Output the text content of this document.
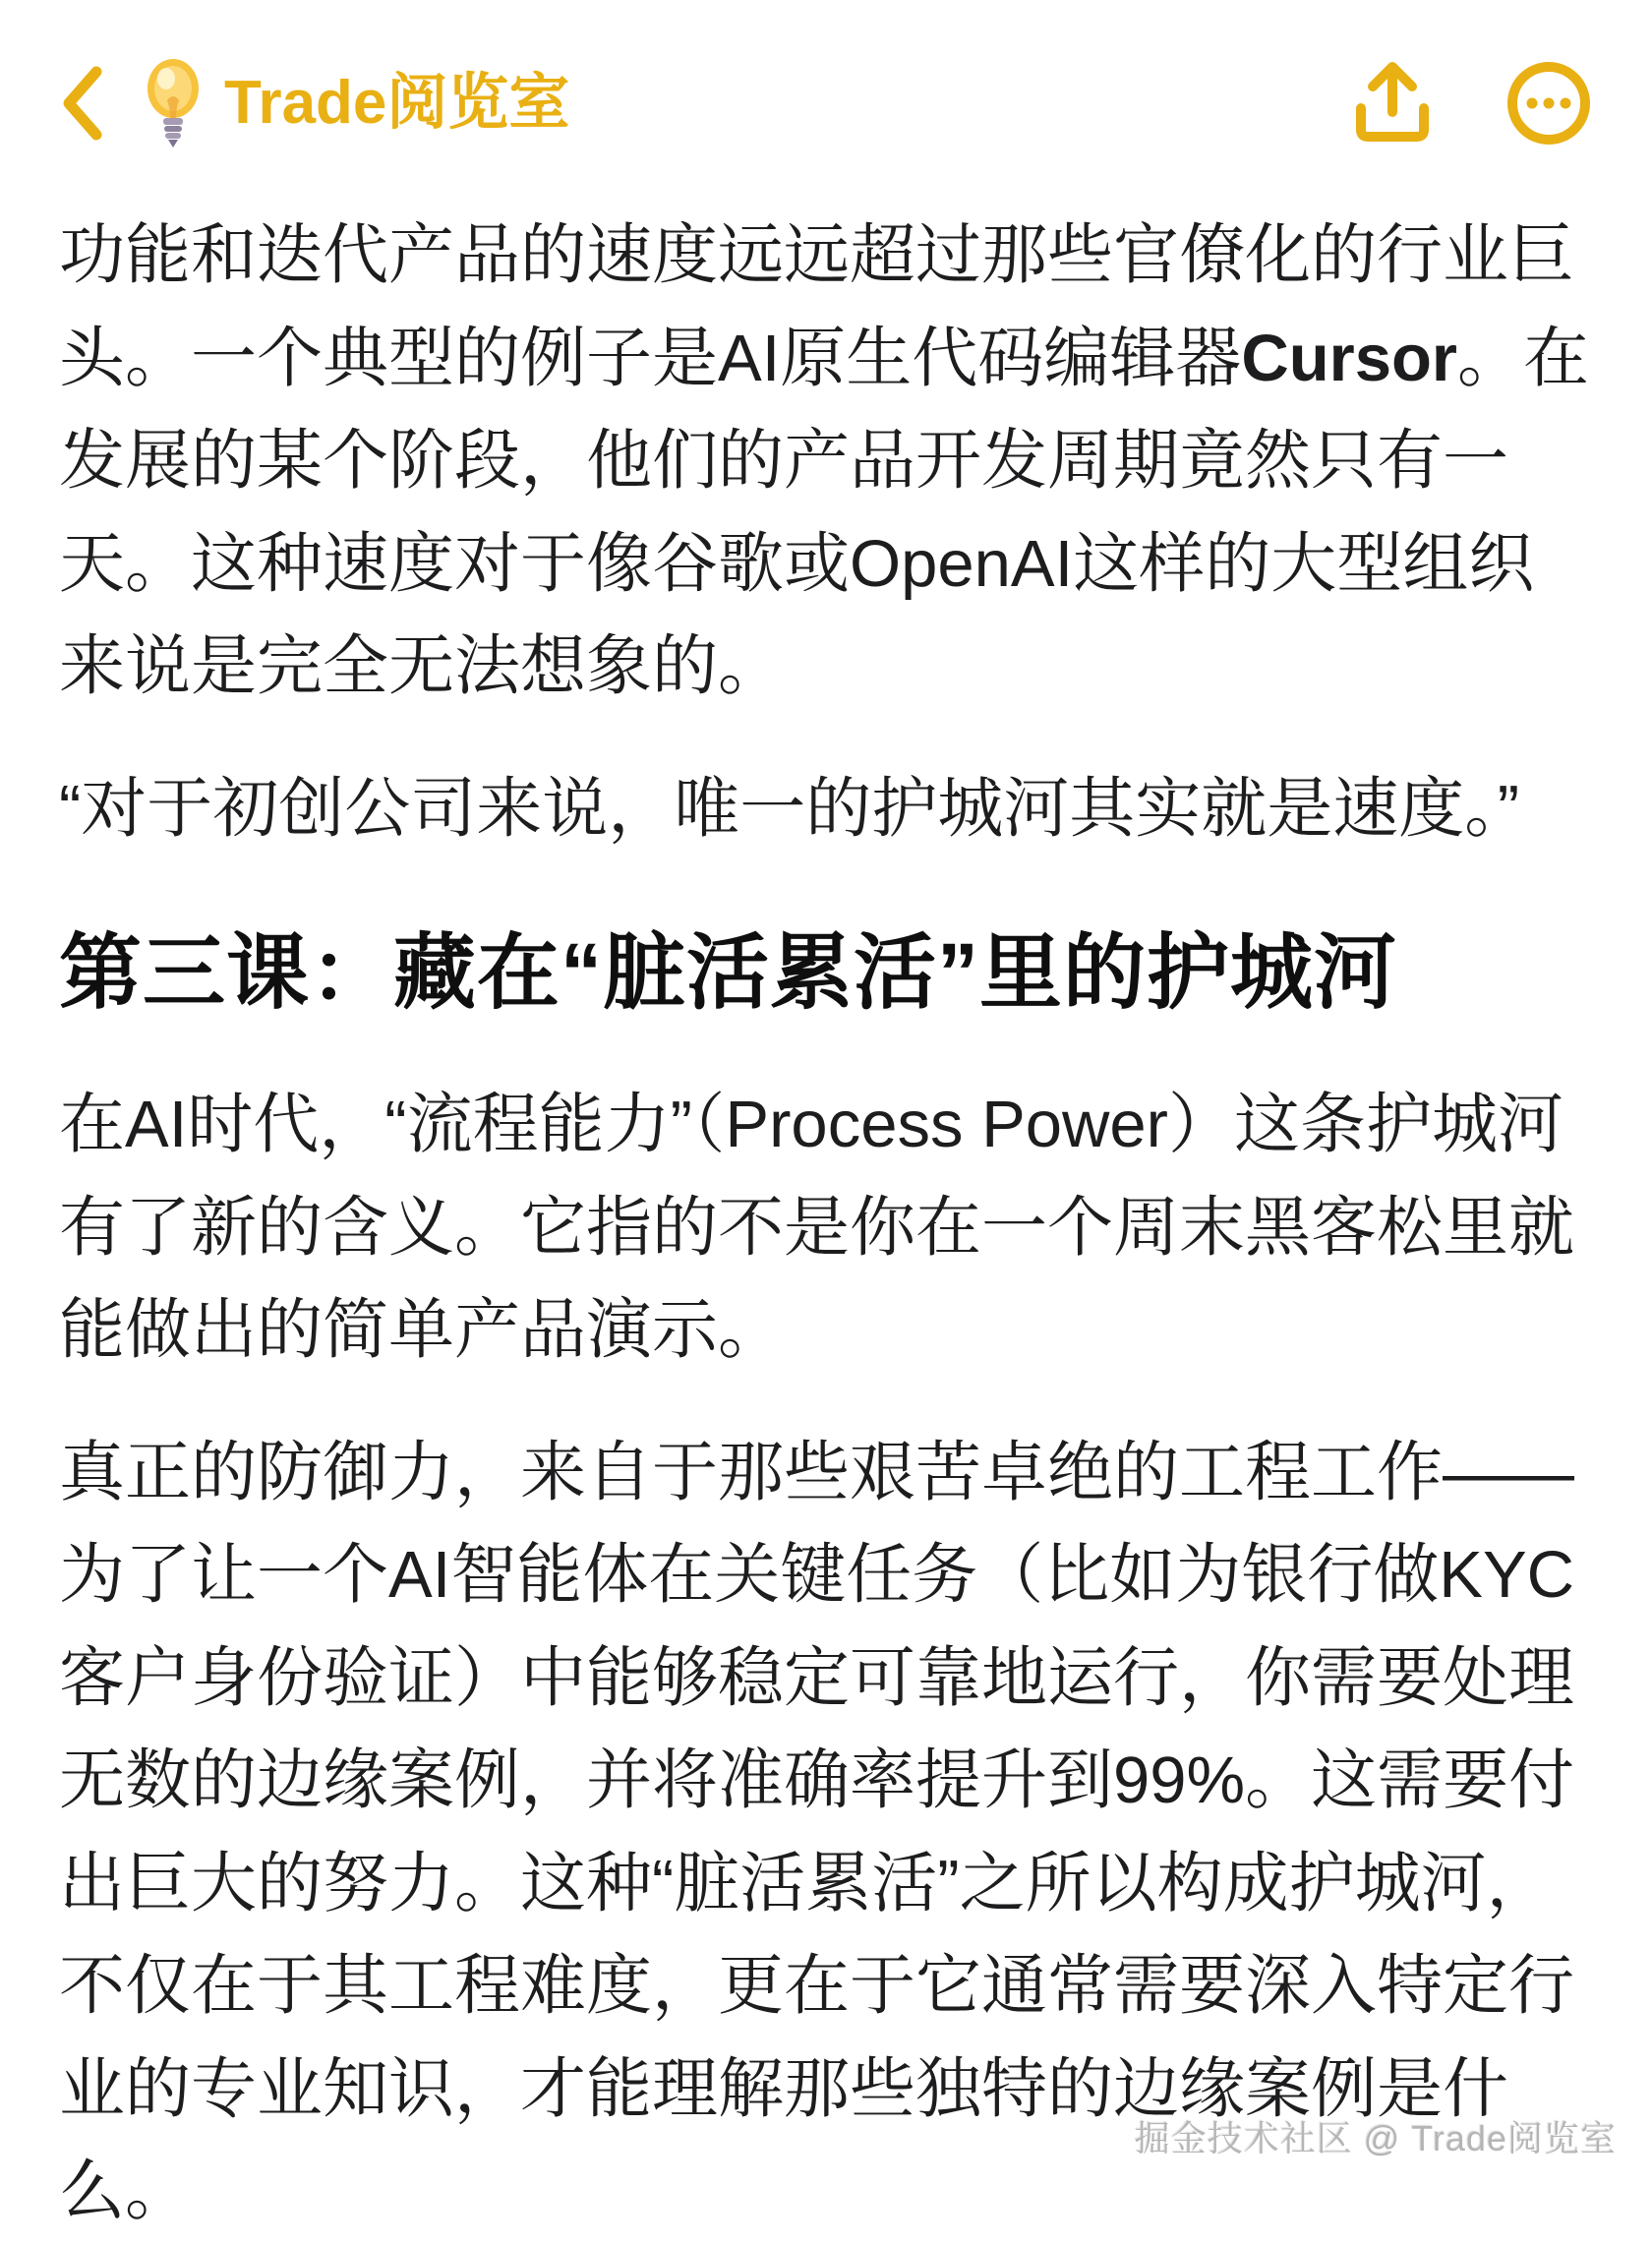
Trade阅览室

功能和迭代产品的速度远远超过那些官僚化的行业巨头。一个典型的例子是AI原生代码编辑器Cursor。在发展的某个阶段，他们的产品开发周期竟然只有一天。这种速度对于像谷歌或OpenAI这样的大型组织来说是完全无法想象的。

“对于初创公司来说，唯一的护城河其实就是速度。”

第三课：藏在“脏活累活”里的护城河

在AI时代，“流程能力”（Process Power）这条护城河有了新的含义。它指的不是你在一个周末黑客松里就能做出的简单产品演示。

真正的防御力，来自于那些艰苦卓绝的工程工作——为了让一个AI智能体在关键任务（比如为银行做KYC客户身份验证）中能够稳定可靠地运行，你需要处理无数的边缘案例，并将准确率提升到99%。这需要付出巨大的努力。这种“脏活累活”之所以构成护城河，不仅在于其工程难度，更在于它通常需要深入特定行业的专业知识，才能理解那些独特的边缘案例是什么。

掘金技术社区 @ Trade阅览室
